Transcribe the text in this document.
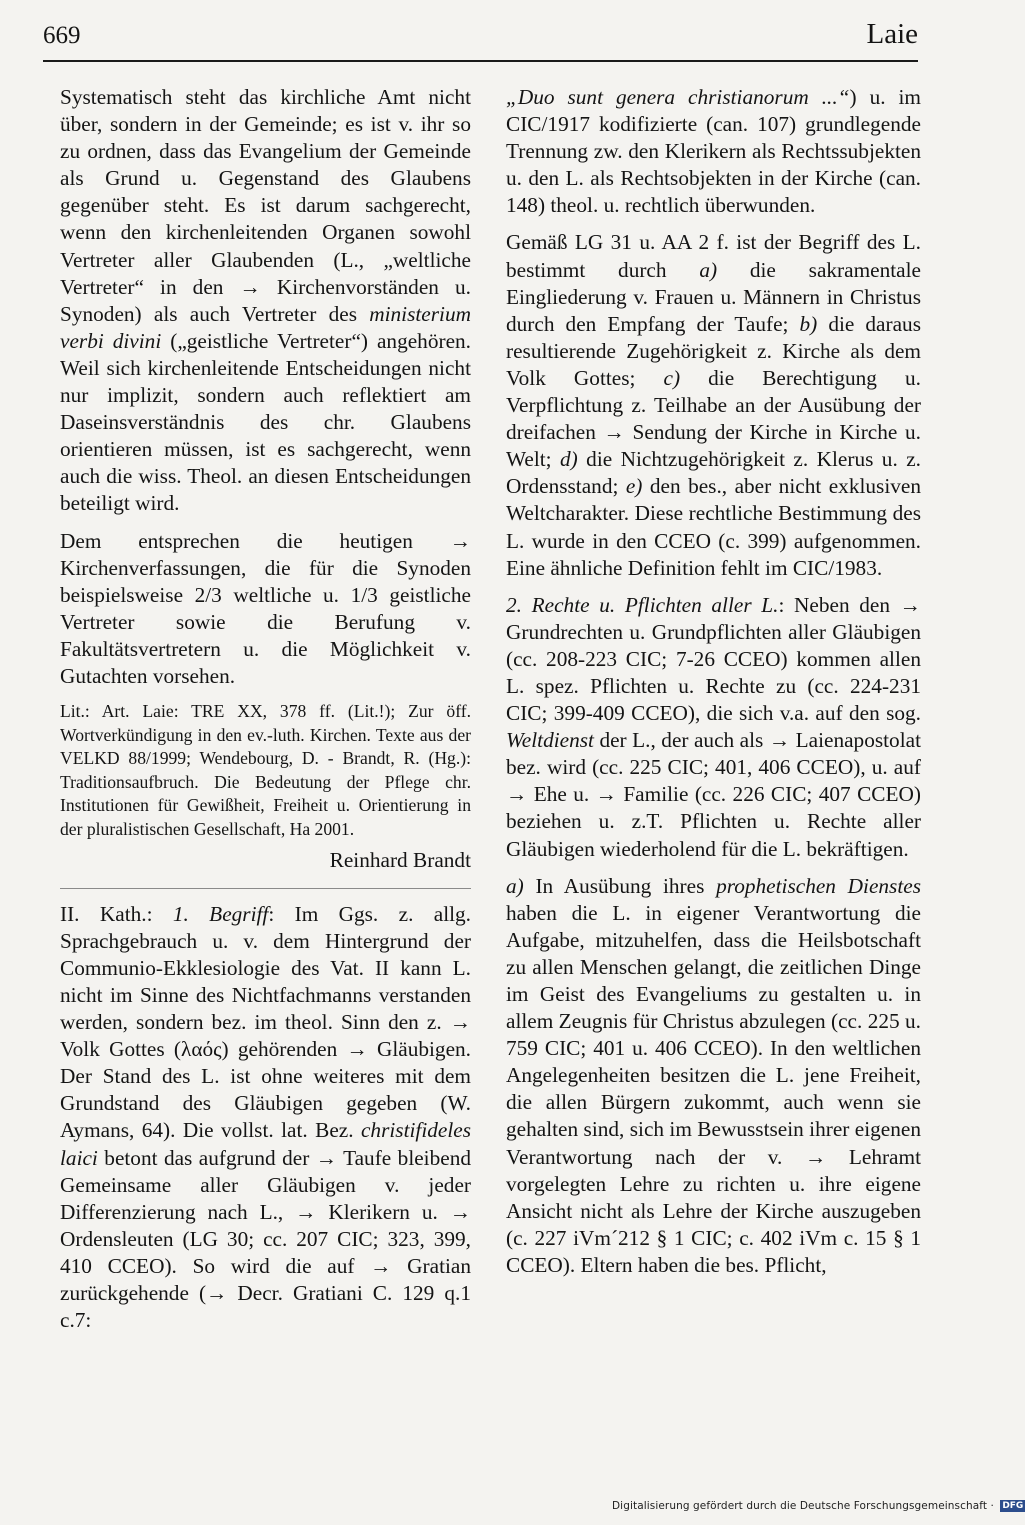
669	Laie

Systematisch steht das kirchliche Amt nicht über, sondern in der Gemeinde; es ist v. ihr so zu ordnen, dass das Evangelium der Gemeinde als Grund u. Gegenstand des Glaubens gegenüber steht. Es ist darum sachgerecht, wenn den kirchenleitenden Organen sowohl Vertreter aller Glaubenden (L., „weltliche Vertreter“ in den → Kirchenvorständen u. Synoden) als auch Vertreter des ministerium verbi divini („geistliche Vertreter“) angehören. Weil sich kirchenleitende Entscheidungen nicht nur implizit, sondern auch reflektiert am Daseinsverständnis des chr. Glaubens orientieren müssen, ist es sachgerecht, wenn auch die wiss. Theol. an diesen Entscheidungen beteiligt wird.

Dem entsprechen die heutigen → Kirchenverfassungen, die für die Synoden beispielsweise 2/3 weltliche u. 1/3 geistliche Vertreter sowie die Berufung v. Fakultätsvertretern u. die Möglichkeit v. Gutachten vorsehen.

Lit.: Art. Laie: TRE XX, 378 ff. (Lit.!); Zur öff. Wortverkündigung in den ev.-luth. Kirchen. Texte aus der VELKD 88/1999; Wendebourg, D. - Brandt, R. (Hg.): Traditionsaufbruch. Die Bedeutung der Pflege chr. Institutionen für Gewißheit, Freiheit u. Orientierung in der pluralistischen Gesellschaft, Ha 2001.

Reinhard Brandt

II. Kath.: 1. Begriff: Im Ggs. z. allg. Sprachgebrauch u. v. dem Hintergrund der Communio-Ekklesiologie des Vat. II kann L. nicht im Sinne des Nichtfachmanns verstanden werden, sondern bez. im theol. Sinn den z. → Volk Gottes (λαός) gehörenden → Gläubigen. Der Stand des L. ist ohne weiteres mit dem Grundstand des Gläubigen gegeben (W. Aymans, 64). Die vollst. lat. Bez. christifideles laici betont das aufgrund der → Taufe bleibend Gemeinsame aller Gläubigen v. jeder Differenzierung nach L., → Klerikern u. → Ordensleuten (LG 30; cc. 207 CIC; 323, 399, 410 CCEO). So wird die auf → Gratian zurückgehende (→ Decr. Gratiani C. 129 q.1 c.7:

„Duo sunt genera christianorum ...“) u. im CIC/1917 kodifizierte (can. 107) grundlegende Trennung zw. den Klerikern als Rechtssubjekten u. den L. als Rechtsobjekten in der Kirche (can. 148) theol. u. rechtlich überwunden.

Gemäß LG 31 u. AA 2 f. ist der Begriff des L. bestimmt durch a) die sakramentale Eingliederung v. Frauen u. Männern in Christus durch den Empfang der Taufe; b) die daraus resultierende Zugehörigkeit z. Kirche als dem Volk Gottes; c) die Berechtigung u. Verpflichtung z. Teilhabe an der Ausübung der dreifachen → Sendung der Kirche in Kirche u. Welt; d) die Nichtzugehörigkeit z. Klerus u. z. Ordensstand; e) den bes., aber nicht exklusiven Weltcharakter. Diese rechtliche Bestimmung des L. wurde in den CCEO (c. 399) aufgenommen. Eine ähnliche Definition fehlt im CIC/1983.

2. Rechte u. Pflichten aller L.: Neben den → Grundrechten u. Grundpflichten aller Gläubigen (cc. 208-223 CIC; 7-26 CCEO) kommen allen L. spez. Pflichten u. Rechte zu (cc. 224-231 CIC; 399-409 CCEO), die sich v.a. auf den sog. Weltdienst der L., der auch als → Laienapostolat bez. wird (cc. 225 CIC; 401, 406 CCEO), u. auf → Ehe u. → Familie (cc. 226 CIC; 407 CCEO) beziehen u. z.T. Pflichten u. Rechte aller Gläubigen wiederholend für die L. bekräftigen.

a) In Ausübung ihres prophetischen Dienstes haben die L. in eigener Verantwortung die Aufgabe, mitzuhelfen, dass die Heilsbotschaft zu allen Menschen gelangt, die zeitlichen Dinge im Geist des Evangeliums zu gestalten u. in allem Zeugnis für Christus abzulegen (cc. 225 u. 759 CIC; 401 u. 406 CCEO). In den weltlichen Angelegenheiten besitzen die L. jene Freiheit, die allen Bürgern zukommt, auch wenn sie gehalten sind, sich im Bewusstsein ihrer eigenen Verantwortung nach der v. → Lehramt vorgelegten Lehre zu richten u. ihre eigene Ansicht nicht als Lehre der Kirche auszugeben (c. 227 iVm´212 § 1 CIC; c. 402 iVm c. 15 § 1 CCEO). Eltern haben die bes. Pflicht,

Digitalisierung gefördert durch die Deutsche Forschungsgemeinschaft · DFG
